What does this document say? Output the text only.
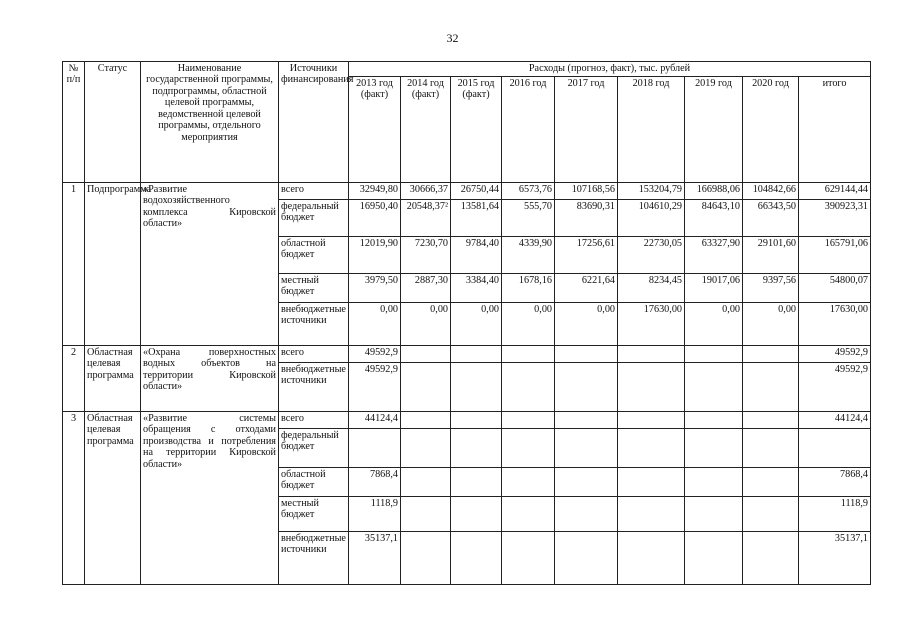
32
№ п/п	Статус	Наименование государственной программы, подпрограммы, областной целевой программы, ведомственной целевой программы, отдельного мероприятия	Источники финансирования	Расходы (прогноз, факт), тыс. рублей								
				2013 год (факт)	2014 год (факт)	2015 год (факт)	2016 год	2017 год	2018 год	2019 год	2020 год	итого
1	Подпрограмма	«Развитие водохозяйственного комплекса Кировской области»	всего	32949,80	30666,37	26750,44	6573,76	107168,56	153204,79	166988,06	104842,66	629144,44
			федеральный бюджет	16950,40	20548,37²	13581,64	555,70	83690,31	104610,29	84643,10	66343,50	390923,31
			областной бюджет	12019,90	7230,70	9784,40	4339,90	17256,61	22730,05	63327,90	29101,60	165791,06
			местный бюджет	3979,50	2887,30	3384,40	1678,16	6221,64	8234,45	19017,06	9397,56	54800,07
			внебюджетные источники	0,00	0,00	0,00	0,00	0,00	17630,00	0,00	0,00	17630,00
2	Областная целевая программа	«Охрана поверхностных водных объектов на территории Кировской области»	всего	49592,9								49592,9
			внебюджетные источники	49592,9								49592,9
3	Областная целевая программа	«Развитие системы обращения с отходами производства и потребления на территории Кировской области»	всего	44124,4								44124,4
			федеральный бюджет									
			областной бюджет	7868,4								7868,4
			местный бюджет	1118,9								1118,9
			внебюджетные источники	35137,1								35137,1
